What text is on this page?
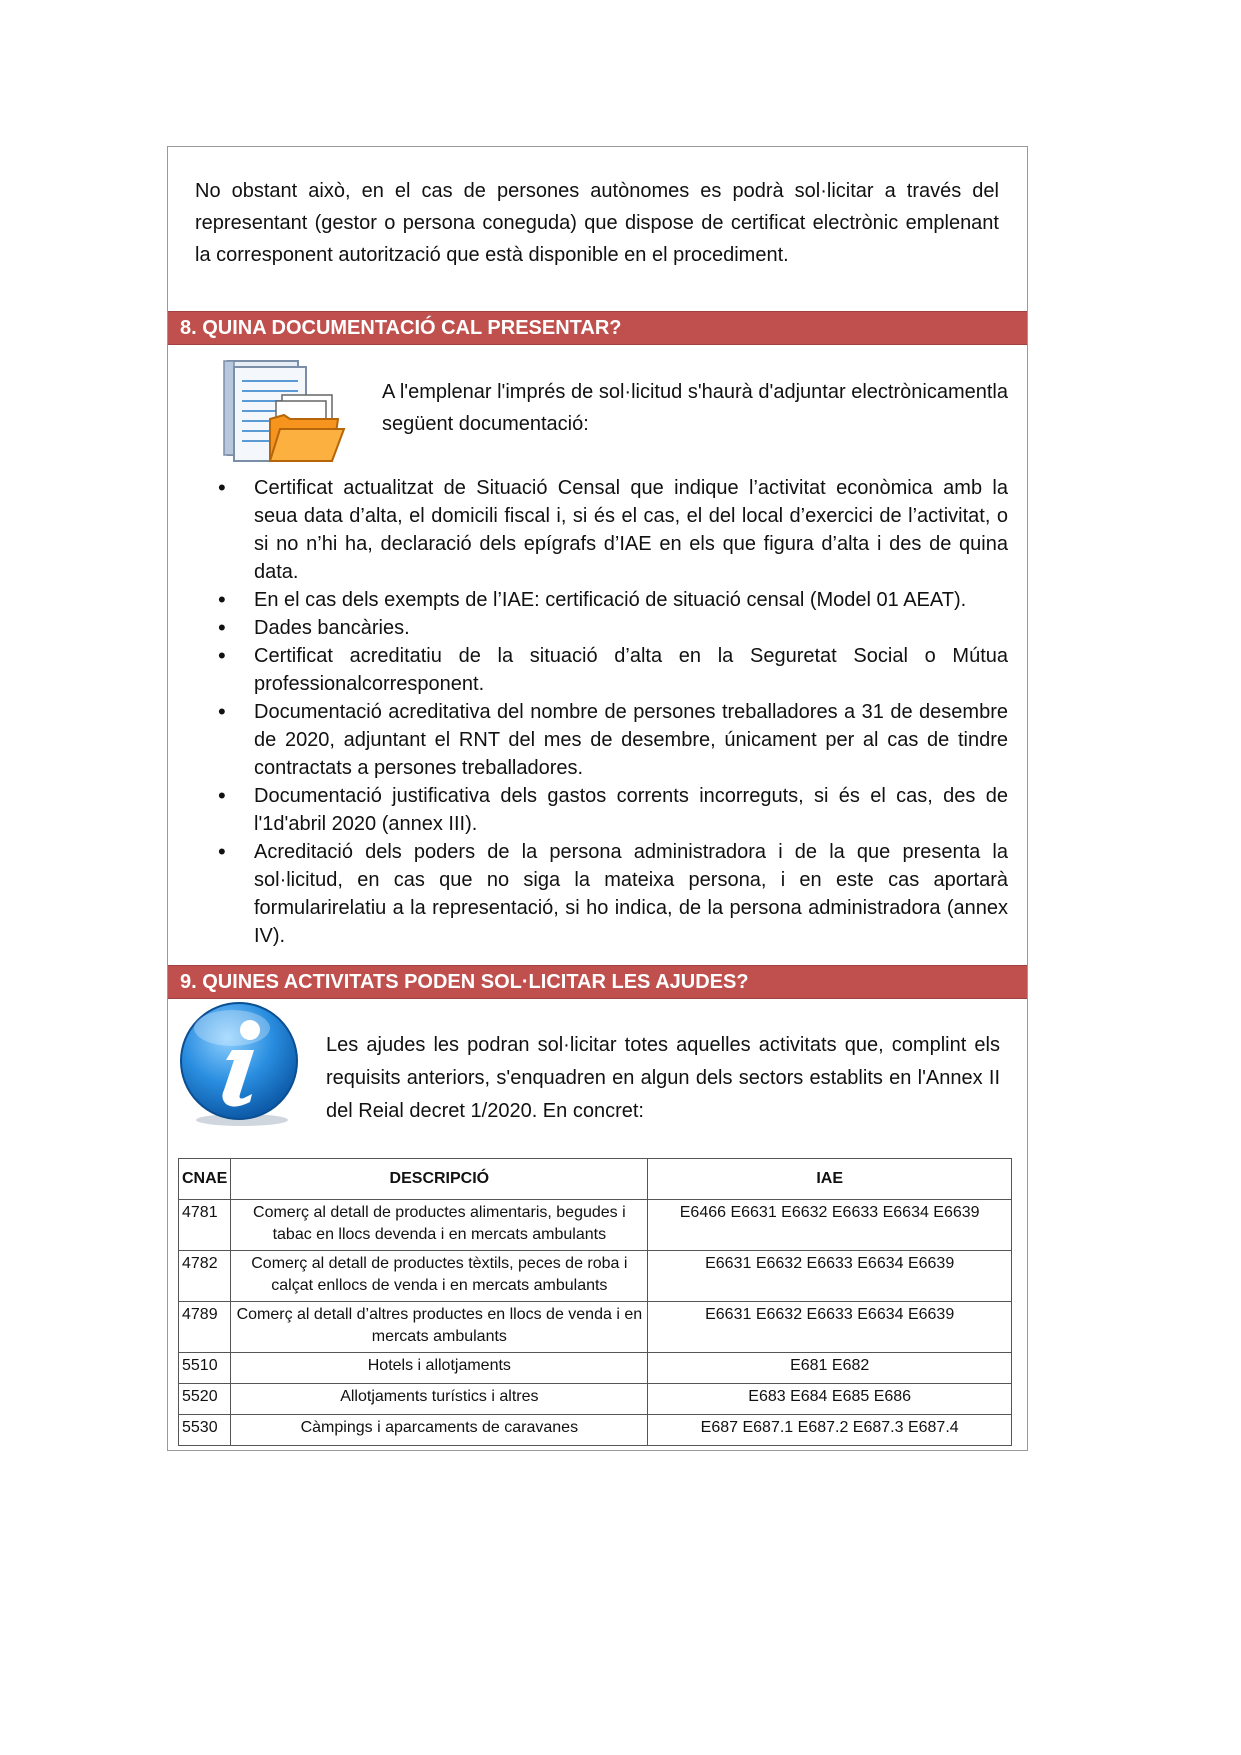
No obstant això, en el cas de persones autònomes es podrà sol·licitar a través del representant (gestor o persona coneguda) que dispose de certificat electrònic emplenant la corresponent autorització que està disponible en el procediment.

8. QUINA DOCUMENTACIÓ CAL PRESENTAR?

A l'emplenar l'imprés de sol·licitud s'haurà d'adjuntar electrònicamentla següent documentació:

•	Certificat actualitzat de Situació Censal que indique l’activitat econòmica amb la seua data d’alta, el domicili fiscal i, si és el cas, el del local d’exercici de l’activitat, o si no n’hi ha, declaració dels epígrafs d’IAE en els que figura d’alta i des de quina data.
•	En el cas dels exempts de l’IAE: certificació de situació censal (Model 01 AEAT).
•	Dades bancàries.
•	Certificat acreditatiu de la situació d’alta en la Seguretat Social o Mútua professionalcorresponent.
•	Documentació acreditativa del nombre de persones treballadores a 31 de desembre de 2020, adjuntant el RNT del mes de desembre, únicament per al cas de tindre contractats a persones treballadores.
•	Documentació justificativa dels gastos corrents incorreguts, si és el cas, des de l'1d'abril 2020 (annex III).
•	Acreditació dels poders de la persona administradora i de la que presenta la sol·licitud, en cas que no siga la mateixa persona, i en este cas aportarà formularirelatiu a la representació, si ho indica, de la persona administradora (annex IV).
9. QUINES ACTIVITATS PODEN SOL·LICITAR LES AJUDES?

Les ajudes les podran sol·licitar totes aquelles activitats que, complint els requisits anteriors, s'enquadren en algun dels sectors establits en l'Annex II del Reial decret 1/2020. En concret:

CNAE	DESCRIPCIÓ	IAE
4781	Comerç al detall de productes alimentaris, begudes i tabac en llocs devenda i en mercats ambulants	E6466 E6631 E6632 E6633 E6634 E6639
4782	Comerç al detall de productes tèxtils, peces de roba i calçat enllocs de venda i en mercats ambulants	E6631 E6632 E6633 E6634 E6639
4789	Comerç al detall d’altres productes en llocs de venda i en mercats ambulants	E6631 E6632 E6633 E6634 E6639
5510	Hotels i allotjaments	E681 E682
5520	Allotjaments turístics i altres	E683 E684 E685 E686
5530	Càmpings i aparcaments de caravanes	E687 E687.1 E687.2 E687.3 E687.4
